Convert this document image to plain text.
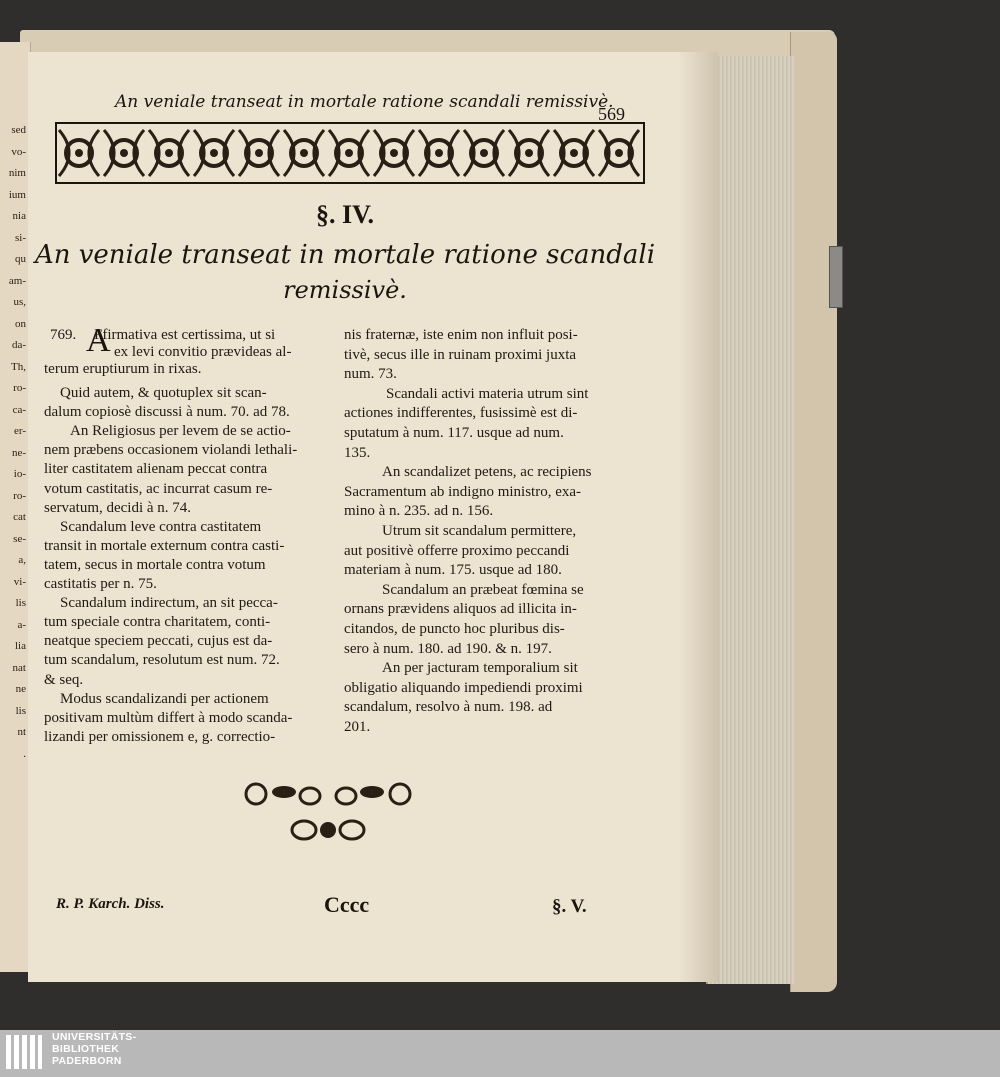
sed
vo-
nim
ium
nia
si-
qu
am-
us,
on
da-
Th,
ro-
ca-
er-
ne-
io-
ro-
cat
se-
a,
vi-
lis
a-
lia
nat
ne
lis
nt
.
An veniale transeat in mortale ratione scandali remissivè.
569
§. IV.
An veniale transeat in mortale ratione scandali
remissivè.
769. A
Ffirmativa est certissima, ut si
ex levi convitio prævideas al-
terum eruptiurum in rixas.
Quid autem, & quotuplex sit scan-
dalum copiosè discussi à num. 70. ad 78.
An Religiosus per levem de se actio-
nem præbens occasionem violandi lethali-
liter castitatem alienam peccat contra
votum castitatis, ac incurrat casum re-
servatum, decidi à n. 74.
Scandalum leve contra castitatem
transit in mortale externum contra casti-
tatem, secus in mortale contra votum
castitatis per n. 75.
Scandalum indirectum, an sit pecca-
tum speciale contra charitatem, conti-
neatque speciem peccati, cujus est da-
tum scandalum, resolutum est num. 72.
& seq.
Modus scandalizandi per actionem
positivam multùm differt à modo scanda-
lizandi per omissionem e, g. correctio-
nis fraternæ, iste enim non influit posi-
tivè, secus ille in ruinam proximi juxta
num. 73.
Scandali activi materia utrum sint
actiones indifferentes, fusissimè est di-
sputatum à num. 117. usque ad num.
135.
An scandalizet petens, ac recipiens
Sacramentum ab indigno ministro, exa-
mino à n. 235. ad n. 156.
Utrum sit scandalum permittere,
aut positivè offerre proximo peccandi
materiam à num. 175. usque ad 180.
Scandalum an præbeat fœmina se
ornans prævidens aliquos ad illicita in-
citandos, de puncto hoc pluribus dis-
sero à num. 180. ad 190. & n. 197.
An per jacturam temporalium sit
obligatio aliquando impediendi proximi
scandalum, resolvo à num. 198. ad
201.
R. P. Karch. Diss.	Cccc	§. V.
UNIVERSITÄTS-
BIBLIOTHEK
PADERBORN
